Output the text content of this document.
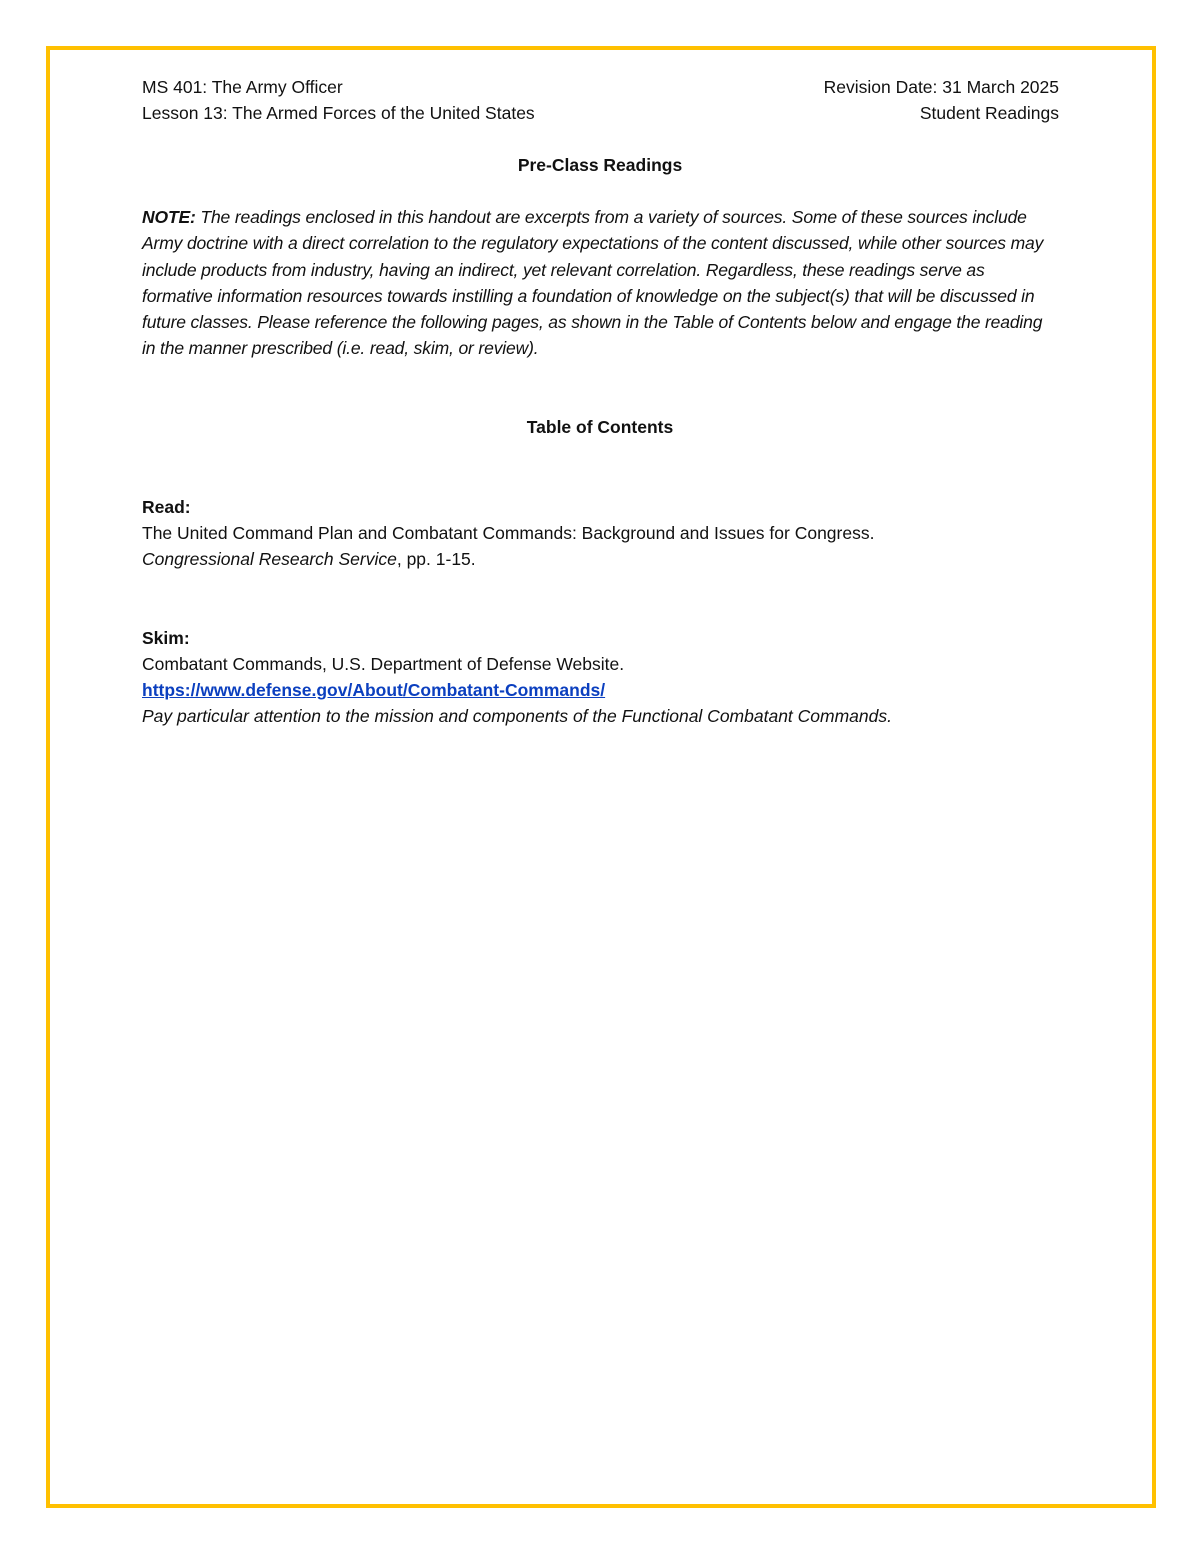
MS 401: The Army Officer
Lesson 13: The Armed Forces of the United States
Revision Date: 31 March 2025
Student Readings
Pre-Class Readings
NOTE: The readings enclosed in this handout are excerpts from a variety of sources. Some of these sources include Army doctrine with a direct correlation to the regulatory expectations of the content discussed, while other sources may include products from industry, having an indirect, yet relevant correlation. Regardless, these readings serve as formative information resources towards instilling a foundation of knowledge on the subject(s) that will be discussed in future classes. Please reference the following pages, as shown in the Table of Contents below and engage the reading in the manner prescribed (i.e. read, skim, or review).
Table of Contents
Read:
The United Command Plan and Combatant Commands: Background and Issues for Congress.
Congressional Research Service, pp. 1-15.
Skim:
Combatant Commands, U.S. Department of Defense Website.
https://www.defense.gov/About/Combatant-Commands/
Pay particular attention to the mission and components of the Functional Combatant Commands.
